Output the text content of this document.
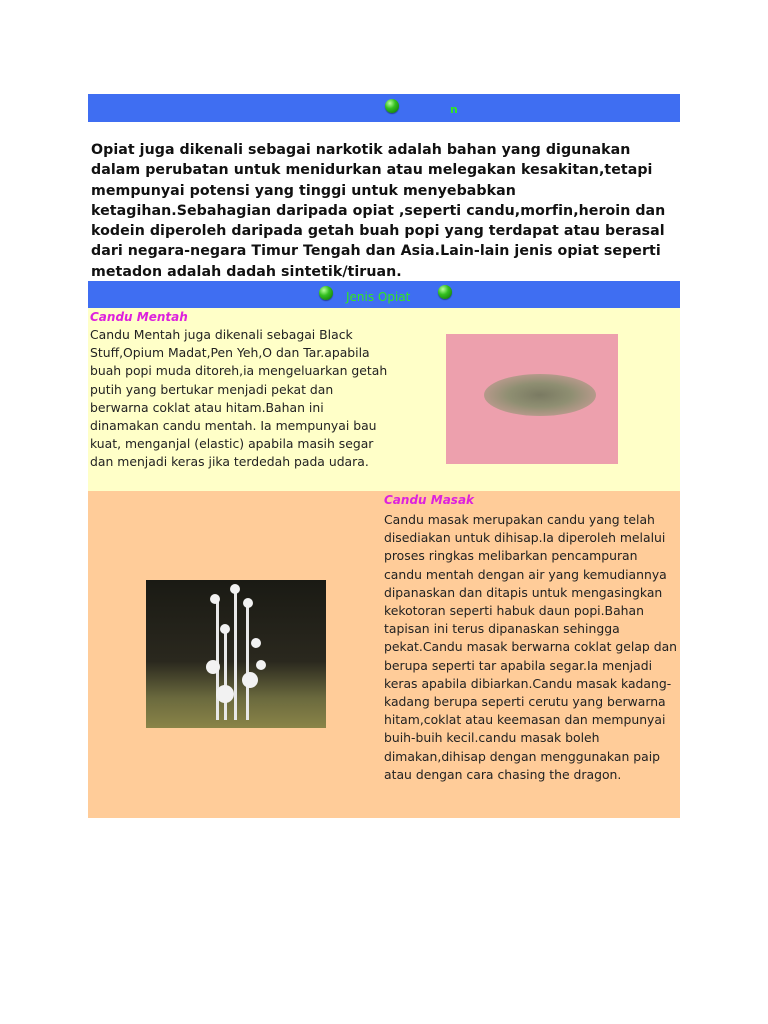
n
Opiat juga dikenali sebagai narkotik adalah bahan yang digunakan dalam perubatan untuk menidurkan atau melegakan kesakitan,tetapi mempunyai potensi yang tinggi untuk menyebabkan ketagihan.Sebahagian daripada opiat ,seperti candu,morfin,heroin dan kodein diperoleh daripada getah buah popi yang terdapat atau berasal dari negara-negara Timur Tengah dan Asia.Lain-lain jenis opiat seperti metadon adalah dadah sintetik/tiruan.
Jenis Opiat
Candu Mentah
Candu Mentah juga dikenali sebagai Black Stuff,Opium Madat,Pen Yeh,O dan Tar.apabila buah popi muda ditoreh,ia mengeluarkan getah putih yang bertukar menjadi pekat dan berwarna coklat atau hitam.Bahan ini dinamakan candu mentah. Ia mempunyai bau kuat, menganjal (elastic) apabila masih segar dan menjadi keras jika terdedah pada udara.
Candu Masak
Candu masak merupakan candu yang telah disediakan untuk dihisap.Ia diperoleh melalui proses ringkas melibarkan pencampuran candu mentah dengan air yang kemudiannya dipanaskan dan ditapis untuk mengasingkan kekotoran seperti habuk daun popi.Bahan tapisan ini terus dipanaskan sehingga pekat.Candu masak berwarna coklat gelap dan berupa seperti tar apabila segar.Ia menjadi keras apabila dibiarkan.Candu masak kadang-kadang berupa seperti cerutu yang berwarna hitam,coklat atau keemasan dan mempunyai buih-buih kecil.candu masak boleh dimakan,dihisap dengan menggunakan paip atau dengan cara chasing the dragon.
